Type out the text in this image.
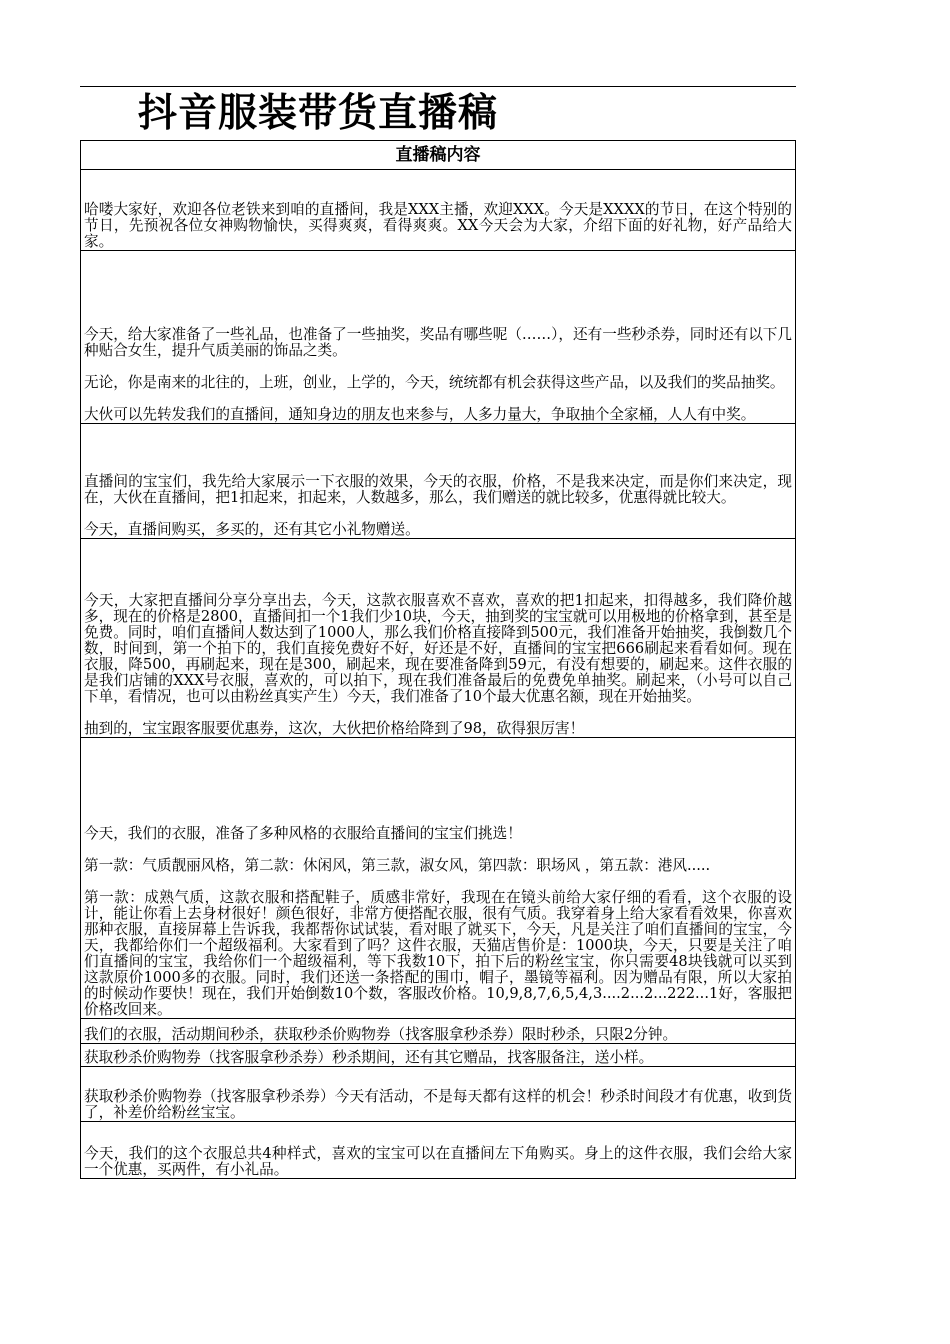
抖音服装带货直播稿
直播稿内容

哈喽大家好，欢迎各位老铁来到咱的直播间，我是XXX主播，欢迎XXX。今天是XXXX的节日，在这个特别的节日，先预祝各位女神购物愉快，买得爽爽，看得爽爽。XX今天会为大家，介绍下面的好礼物，好产品给大家。

今天，给大家准备了一些礼品，也准备了一些抽奖，奖品有哪些呢（……），还有一些秒杀券，同时还有以下几种贴合女生，提升气质美丽的饰品之类。

无论，你是南来的北往的，上班，创业，上学的，今天，统统都有机会获得这些产品，以及我们的奖品抽奖。

大伙可以先转发我们的直播间，通知身边的朋友也来参与，人多力量大，争取抽个全家桶，人人有中奖。

直播间的宝宝们，我先给大家展示一下衣服的效果，今天的衣服，价格，不是我来决定，而是你们来决定，现在，大伙在直播间，把1扣起来，扣起来，人数越多，那么，我们赠送的就比较多，优惠得就比较大。

今天，直播间购买，多买的，还有其它小礼物赠送。

今天，大家把直播间分享分享出去，今天，这款衣服喜欢不喜欢，喜欢的把1扣起来，扣得越多，我们降价越多，现在的价格是2800，直播间扣一个1我们少10块，今天，抽到奖的宝宝就可以用极地的价格拿到，甚至是免费。同时，咱们直播间人数达到了1000人，那么我们价格直接降到500元，我们准备开始抽奖，我倒数几个数，时间到，第一个拍下的，我们直接免费好不好，好还是不好，直播间的宝宝把666刷起来看看如何。现在衣服，降500，再刷起来，现在是300，刷起来，现在要准备降到59元，有没有想要的，刷起来。这件衣服的是我们店铺的XXX号衣服，喜欢的，可以拍下，现在我们准备最后的免费免单抽奖。刷起来，（小号可以自己下单，看情况，也可以由粉丝真实产生）今天，我们准备了10个最大优惠名额，现在开始抽奖。

抽到的，宝宝跟客服要优惠券，这次，大伙把价格给降到了98，砍得狠厉害！

今天，我们的衣服，准备了多种风格的衣服给直播间的宝宝们挑选！

第一款：气质靓丽风格，第二款：休闲风，第三款，淑女风，第四款：职场风 ，第五款：港风.....

第一款：成熟气质，这款衣服和搭配鞋子，质感非常好，我现在在镜头前给大家仔细的看看，这个衣服的设计，能让你看上去身材很好！颜色很好，非常方便搭配衣服，很有气质。我穿着身上给大家看看效果，你喜欢那种衣服，直接屏幕上告诉我，我都帮你试试装，看对眼了就买下，今天，凡是关注了咱们直播间的宝宝，今天，我都给你们一个超级福利。大家看到了吗？这件衣服，天猫店售价是：1000块，今天，只要是关注了咱们直播间的宝宝，我给你们一个超级福利，等下我数10下，拍下后的粉丝宝宝，你只需要48块钱就可以买到这款原价1000多的衣服。同时，我们还送一条搭配的围巾，帽子，墨镜等福利。因为赠品有限，所以大家拍的时候动作要快！现在，我们开始倒数10个数，客服改价格。10,9,8,7,6,5,4,3....2...2...222...1好，客服把价格改回来。

我们的衣服，活动期间秒杀，获取秒杀价购物券（找客服拿秒杀券）限时秒杀，只限2分钟。

获取秒杀价购物券（找客服拿秒杀券）秒杀期间，还有其它赠品，找客服备注，送小样。

获取秒杀价购物券（找客服拿秒杀券）今天有活动，不是每天都有这样的机会！秒杀时间段才有优惠，收到货了，补差价给粉丝宝宝。

今天，我们的这个衣服总共4种样式，喜欢的宝宝可以在直播间左下角购买。身上的这件衣服，我们会给大家一个优惠，买两件，有小礼品。
